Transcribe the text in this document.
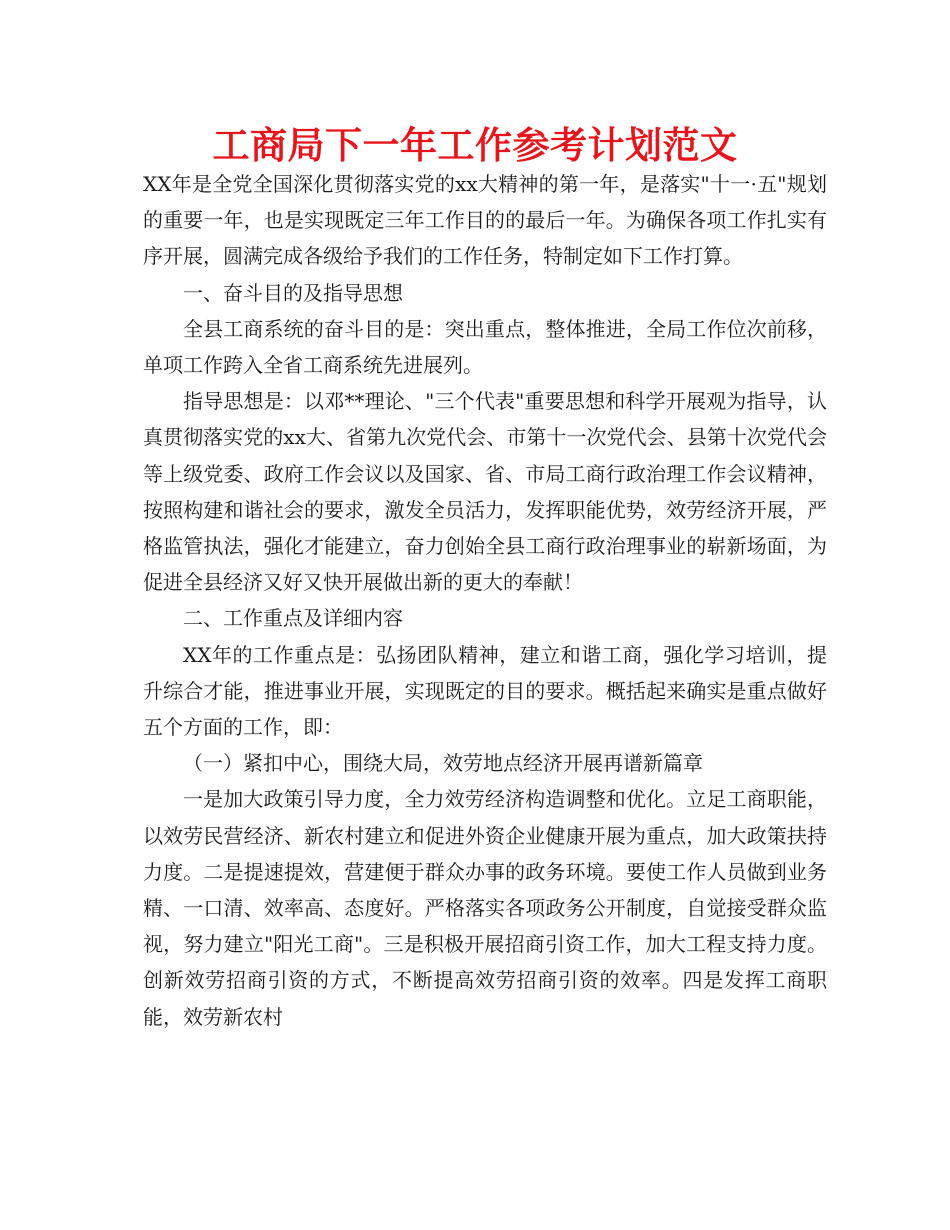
工商局下一年工作参考计划范文

XX年是全党全国深化贯彻落实党的xx大精神的第一年，是落实"十一·五"规划的重要一年，也是实现既定三年工作目的的最后一年。为确保各项工作扎实有序开展，圆满完成各级给予我们的工作任务，特制定如下工作打算。

一、奋斗目的及指导思想

全县工商系统的奋斗目的是：突出重点，整体推进，全局工作位次前移，单项工作跨入全省工商系统先进展列。

指导思想是：以邓**理论、"三个代表"重要思想和科学开展观为指导，认真贯彻落实党的xx大、省第九次党代会、市第十一次党代会、县第十次党代会等上级党委、政府工作会议以及国家、省、市局工商行政治理工作会议精神，按照构建和谐社会的要求，激发全员活力，发挥职能优势，效劳经济开展，严格监管执法，强化才能建立，奋力创始全县工商行政治理事业的崭新场面，为促进全县经济又好又快开展做出新的更大的奉献！

二、工作重点及详细内容

XX年的工作重点是：弘扬团队精神，建立和谐工商，强化学习培训，提升综合才能，推进事业开展，实现既定的目的要求。概括起来确实是重点做好五个方面的工作，即：

（一）紧扣中心，围绕大局，效劳地点经济开展再谱新篇章

一是加大政策引导力度，全力效劳经济构造调整和优化。立足工商职能，以效劳民营经济、新农村建立和促进外资企业健康开展为重点，加大政策扶持力度。二是提速提效，营建便于群众办事的政务环境。要使工作人员做到业务精、一口清、效率高、态度好。严格落实各项政务公开制度，自觉接受群众监视，努力建立"阳光工商"。三是积极开展招商引资工作，加大工程支持力度。创新效劳招商引资的方式，不断提高效劳招商引资的效率。四是发挥工商职能，效劳新农村
